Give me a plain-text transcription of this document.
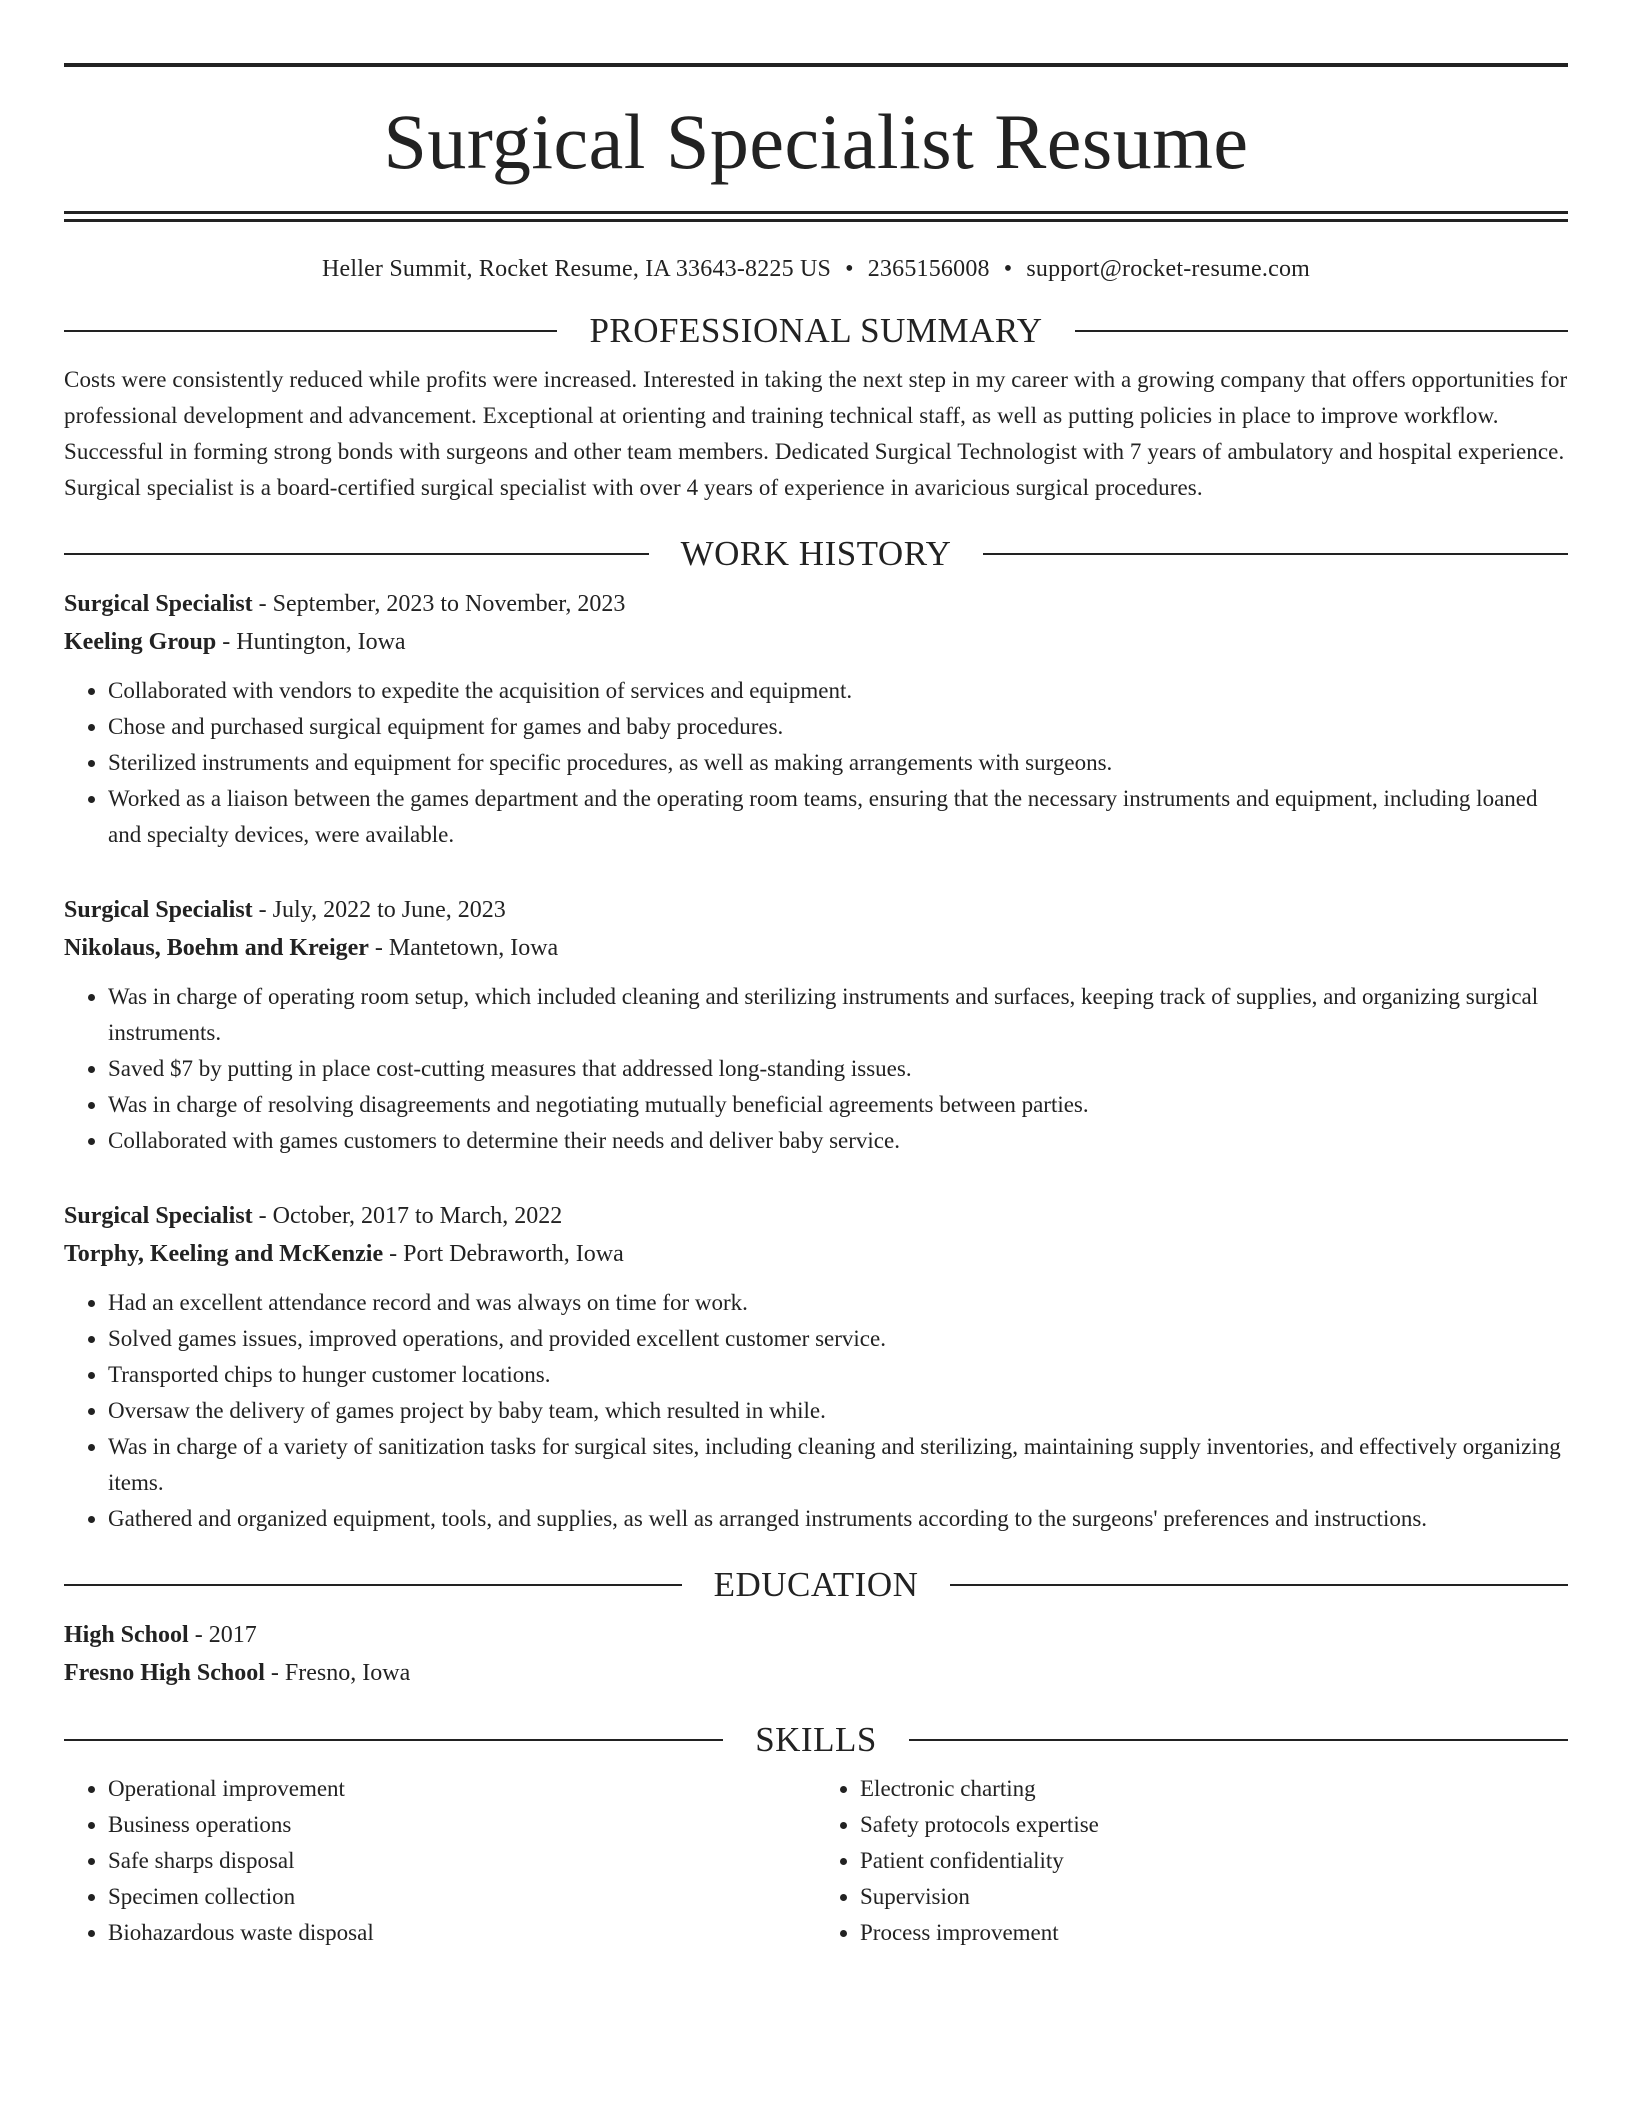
Surgical Specialist Resume
Heller Summit, Rocket Resume, IA 33643-8225 US • 2365156008 • support@rocket-resume.com
PROFESSIONAL SUMMARY
Costs were consistently reduced while profits were increased. Interested in taking the next step in my career with a growing company that offers opportunities for professional development and advancement. Exceptional at orienting and training technical staff, as well as putting policies in place to improve workflow. Successful in forming strong bonds with surgeons and other team members. Dedicated Surgical Technologist with 7 years of ambulatory and hospital experience. Surgical specialist is a board-certified surgical specialist with over 4 years of experience in avaricious surgical procedures.
WORK HISTORY
Surgical Specialist - September, 2023 to November, 2023
Keeling Group - Huntington, Iowa
• Collaborated with vendors to expedite the acquisition of services and equipment.
• Chose and purchased surgical equipment for games and baby procedures.
• Sterilized instruments and equipment for specific procedures, as well as making arrangements with surgeons.
• Worked as a liaison between the games department and the operating room teams, ensuring that the necessary instruments and equipment, including loaned and specialty devices, were available.
Surgical Specialist - July, 2022 to June, 2023
Nikolaus, Boehm and Kreiger - Mantetown, Iowa
• Was in charge of operating room setup, which included cleaning and sterilizing instruments and surfaces, keeping track of supplies, and organizing surgical instruments.
• Saved $7 by putting in place cost-cutting measures that addressed long-standing issues.
• Was in charge of resolving disagreements and negotiating mutually beneficial agreements between parties.
• Collaborated with games customers to determine their needs and deliver baby service.
Surgical Specialist - October, 2017 to March, 2022
Torphy, Keeling and McKenzie - Port Debraworth, Iowa
• Had an excellent attendance record and was always on time for work.
• Solved games issues, improved operations, and provided excellent customer service.
• Transported chips to hunger customer locations.
• Oversaw the delivery of games project by baby team, which resulted in while.
• Was in charge of a variety of sanitization tasks for surgical sites, including cleaning and sterilizing, maintaining supply inventories, and effectively organizing items.
• Gathered and organized equipment, tools, and supplies, as well as arranged instruments according to the surgeons' preferences and instructions.
EDUCATION
High School - 2017
Fresno High School - Fresno, Iowa
SKILLS
• Operational improvement
• Business operations
• Safe sharps disposal
• Specimen collection
• Biohazardous waste disposal
• Electronic charting
• Safety protocols expertise
• Patient confidentiality
• Supervision
• Process improvement
